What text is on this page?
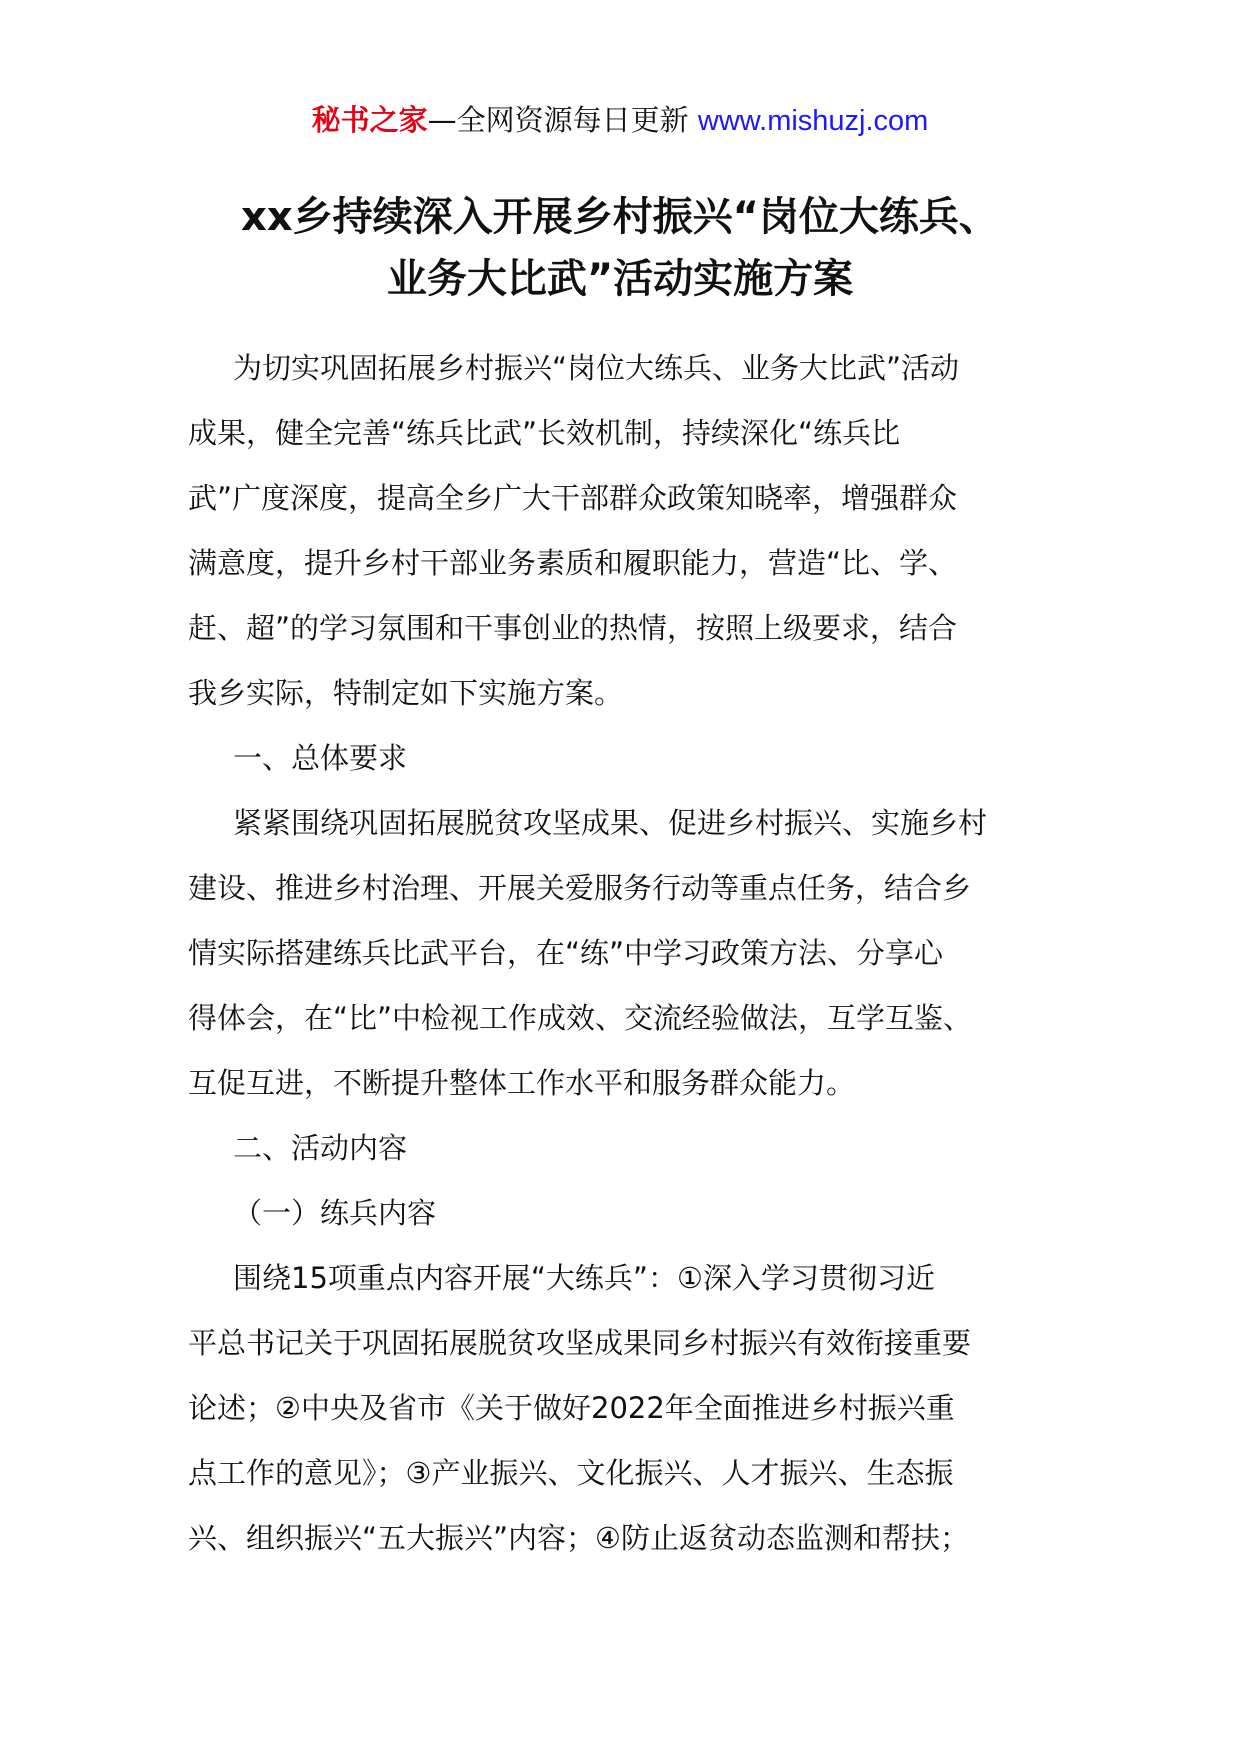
秘书之家—全网资源每日更新 www.mishuzj.com
xx乡持续深入开展乡村振兴“岗位大练兵、
业务大比武”活动实施方案
为切实巩固拓展乡村振兴“岗位大练兵、业务大比武”活动
成果，健全完善“练兵比武”长效机制，持续深化“练兵比
武”广度深度，提高全乡广大干部群众政策知晓率，增强群众
满意度，提升乡村干部业务素质和履职能力，营造“比、学、
赶、超”的学习氛围和干事创业的热情，按照上级要求，结合
我乡实际，特制定如下实施方案。
一、总体要求
紧紧围绕巩固拓展脱贫攻坚成果、促进乡村振兴、实施乡村
建设、推进乡村治理、开展关爱服务行动等重点任务，结合乡
情实际搭建练兵比武平台，在“练”中学习政策方法、分享心
得体会，在“比”中检视工作成效、交流经验做法，互学互鉴、
互促互进，不断提升整体工作水平和服务群众能力。
二、活动内容
（一）练兵内容
围绕15项重点内容开展“大练兵”：①深入学习贯彻习近
平总书记关于巩固拓展脱贫攻坚成果同乡村振兴有效衔接重要
论述；②中央及省市《关于做好2022年全面推进乡村振兴重
点工作的意见》；③产业振兴、文化振兴、人才振兴、生态振
兴、组织振兴“五大振兴”内容；④防止返贫动态监测和帮扶；
